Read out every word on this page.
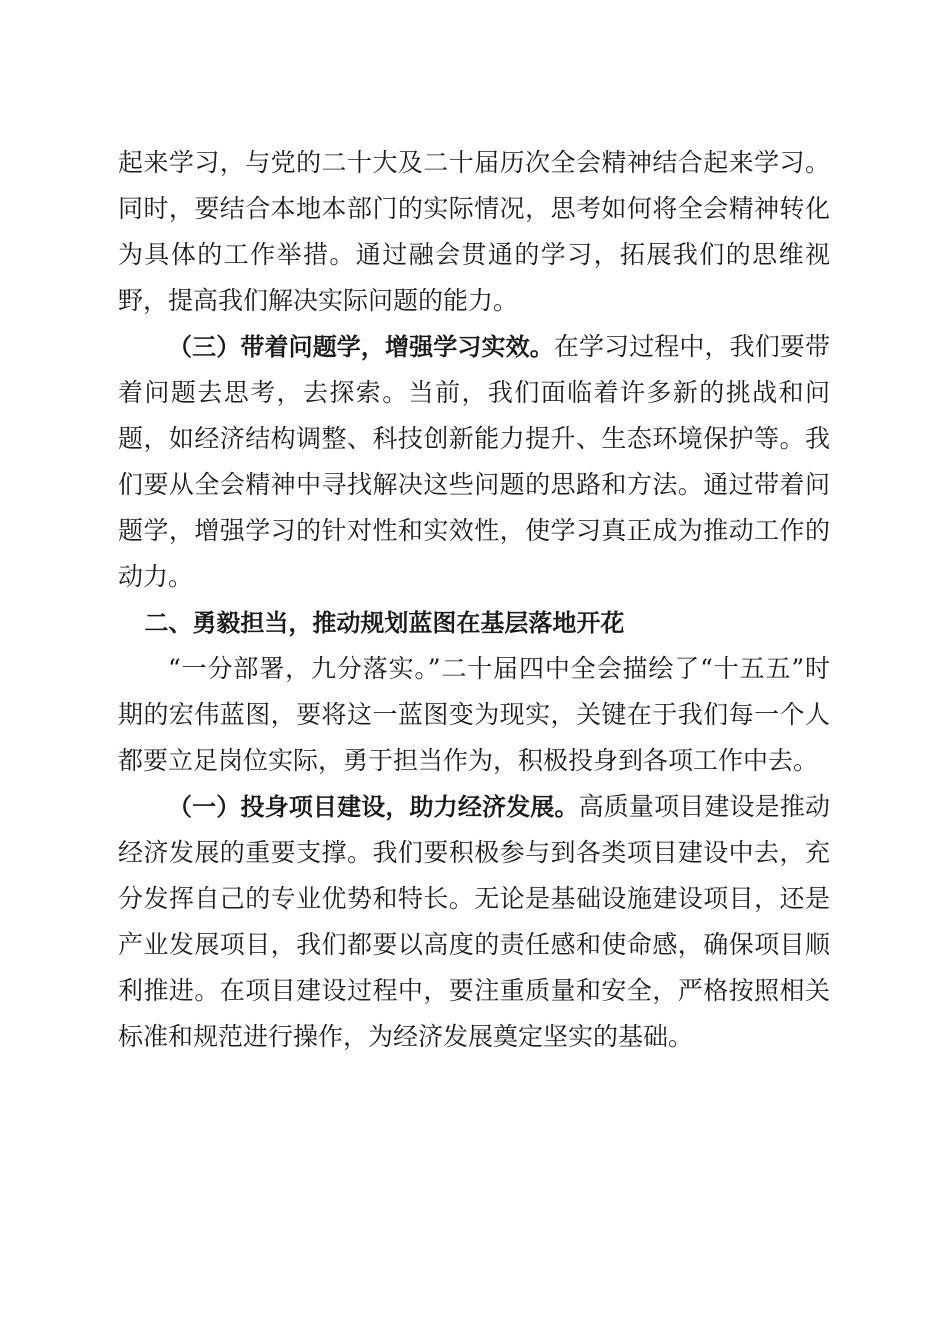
起来学习，与党的二十大及二十届历次全会精神结合起来学习。同时，要结合本地本部门的实际情况，思考如何将全会精神转化为具体的工作举措。通过融会贯通的学习，拓展我们的思维视野，提高我们解决实际问题的能力。

（三）带着问题学，增强学习实效。在学习过程中，我们要带着问题去思考，去探索。当前，我们面临着许多新的挑战和问题，如经济结构调整、科技创新能力提升、生态环境保护等。我们要从全会精神中寻找解决这些问题的思路和方法。通过带着问题学，增强学习的针对性和实效性，使学习真正成为推动工作的动力。

二、勇毅担当，推动规划蓝图在基层落地开花

“一分部署，九分落实。”二十届四中全会描绘了“十五五”时期的宏伟蓝图，要将这一蓝图变为现实，关键在于我们每一个人都要立足岗位实际，勇于担当作为，积极投身到各项工作中去。

（一）投身项目建设，助力经济发展。高质量项目建设是推动经济发展的重要支撑。我们要积极参与到各类项目建设中去，充分发挥自己的专业优势和特长。无论是基础设施建设项目，还是产业发展项目，我们都要以高度的责任感和使命感，确保项目顺利推进。在项目建设过程中，要注重质量和安全，严格按照相关标准和规范进行操作，为经济发展奠定坚实的基础。
